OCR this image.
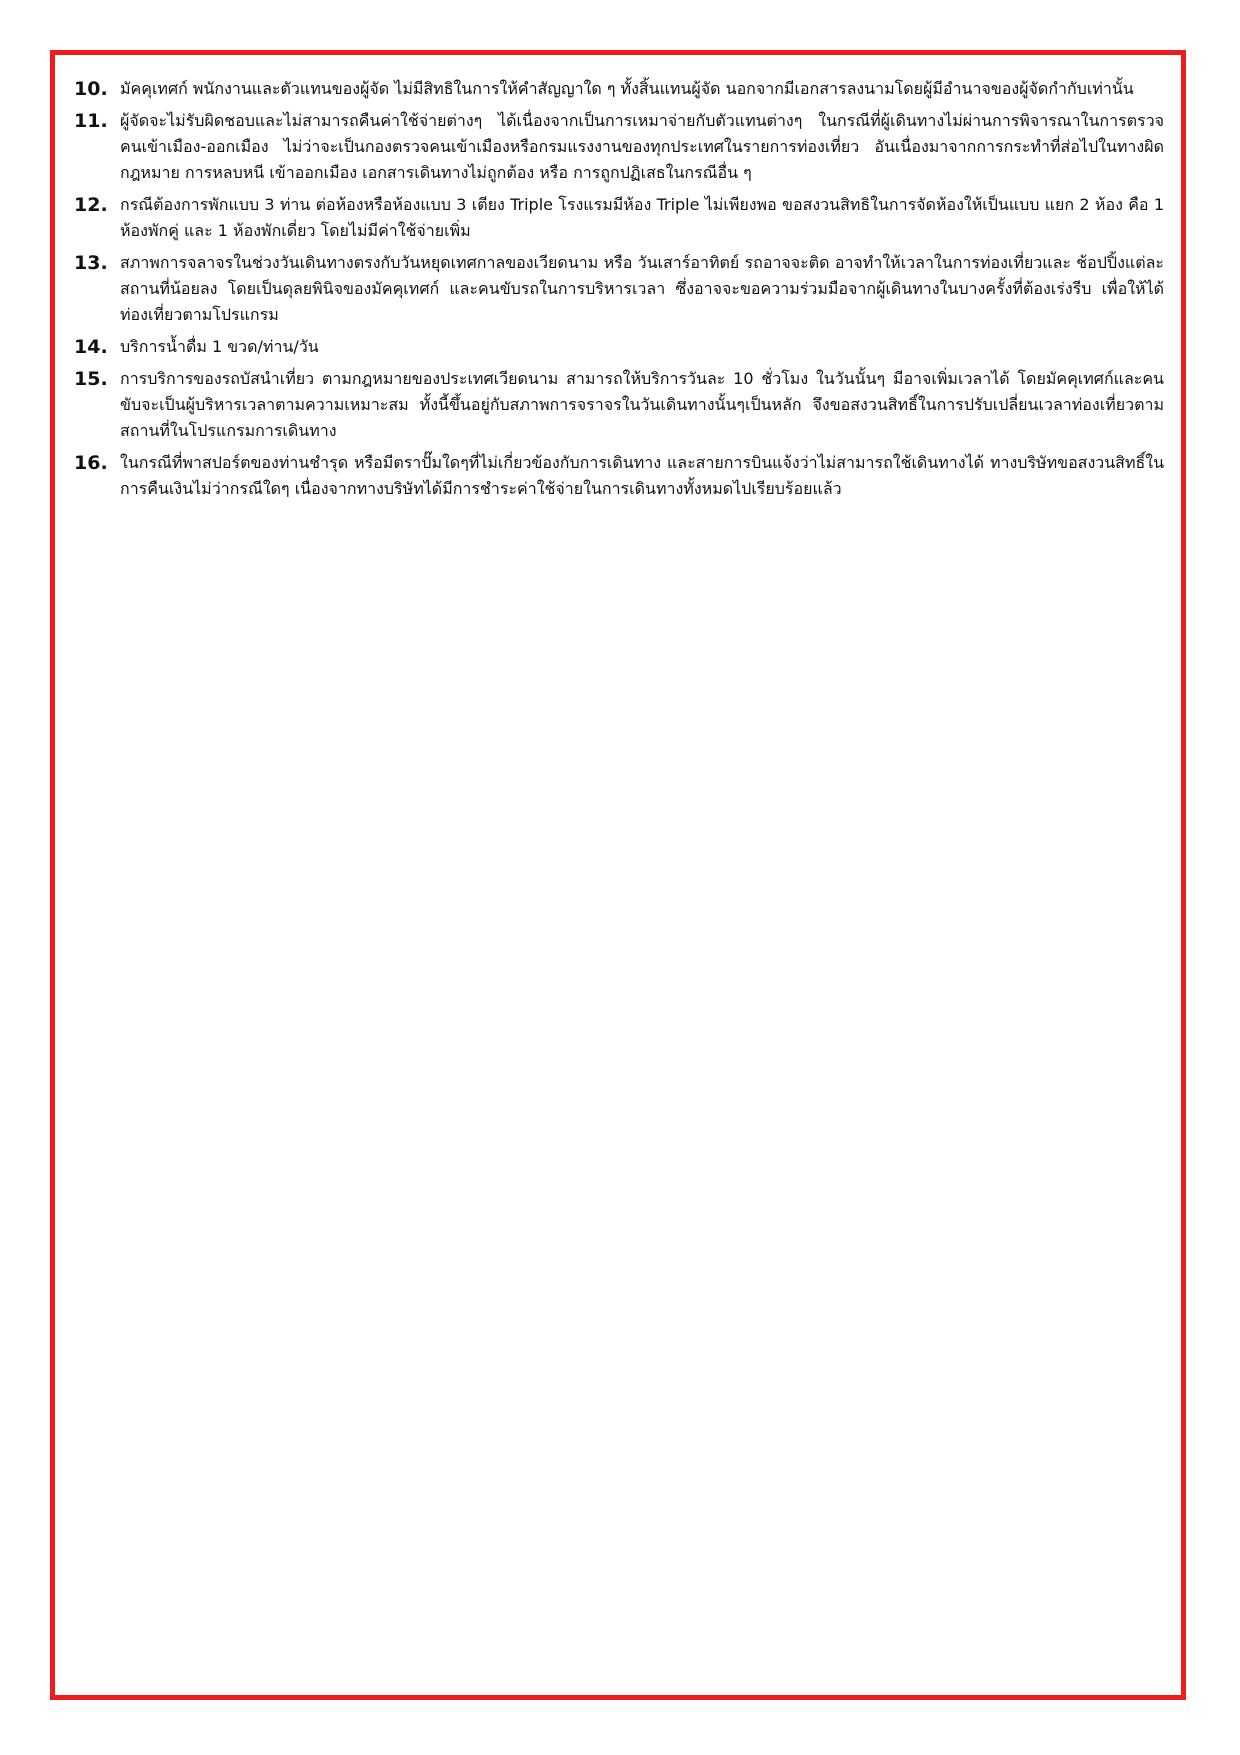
10. มัคคุเทศก์ พนักงานและตัวแทนของผู้จัด ไม่มีสิทธิในการให้คำสัญญาใด ๆ ทั้งสิ้นแทนผู้จัด นอกจากมีเอกสารลงนามโดยผู้มีอำนาจของผู้จัดกำกับเท่านั้น
11. ผู้จัดจะไม่รับผิดชอบและไม่สามารถคืนค่าใช้จ่ายต่างๆ ได้เนื่องจากเป็นการเหมาจ่ายกับตัวแทนต่างๆ ในกรณีที่ผู้เดินทางไม่ผ่านการพิจารณาในการตรวจคนเข้าเมือง-ออกเมือง ไม่ว่าจะเป็นกองตรวจคนเข้าเมืองหรือกรมแรงงานของทุกประเทศในรายการท่องเที่ยว อันเนื่องมาจากการกระทำที่ส่อไปในทางผิดกฎหมาย การหลบหนี เข้าออกเมือง เอกสารเดินทางไม่ถูกต้อง หรือ การถูกปฏิเสธในกรณีอื่น ๆ
12. กรณีต้องการพักแบบ 3 ท่าน ต่อห้องหรือห้องแบบ 3 เตียง Triple โรงแรมมีห้อง Triple ไม่เพียงพอ ขอสงวนสิทธิในการจัดห้องให้เป็นแบบ แยก 2 ห้อง คือ 1 ห้องพักคู่ และ 1 ห้องพักเดี่ยว โดยไม่มีค่าใช้จ่ายเพิ่ม
13. สภาพการจลาจรในช่วงวันเดินทางตรงกับวันหยุดเทศกาลของเวียดนาม หรือ วันเสาร์อาทิตย์ รถอาจจะติด อาจทำให้เวลาในการท่องเที่ยวและ ช้อปปิ้งแต่ละสถานที่น้อยลง โดยเป็นดุลยพินิจของมัคคุเทศก์ และคนขับรถในการบริหารเวลา ซึ่งอาจจะขอความร่วมมือจากผู้เดินทางในบางครั้งที่ต้องเร่งรีบ เพื่อให้ได้ท่องเที่ยวตามโปรแกรม
14. บริการน้ำดื่ม 1 ขวด/ท่าน/วัน
15. การบริการของรถบัสนำเที่ยว ตามกฎหมายของประเทศเวียดนาม สามารถให้บริการวันละ 10 ชั่วโมง ในวันนั้นๆ มีอาจเพิ่มเวลาได้ โดยมัคคุเทศก์และคนขับจะเป็นผู้บริหารเวลาตามความเหมาะสม ทั้งนี้ขึ้นอยู่กับสภาพการจราจรในวันเดินทางนั้นๆเป็นหลัก จึงขอสงวนสิทธิ์ในการปรับเปลี่ยนเวลาท่องเที่ยวตามสถานที่ในโปรแกรมการเดินทาง
16. ในกรณีที่พาสปอร์ตของท่านชำรุด หรือมีตราปั๊มใดๆที่ไม่เกี่ยวข้องกับการเดินทาง และสายการบินแจ้งว่าไม่สามารถใช้เดินทางได้ ทางบริษัทขอสงวนสิทธิ์ในการคืนเงินไม่ว่ากรณีใดๆ เนื่องจากทางบริษัทได้มีการชำระค่าใช้จ่ายในการเดินทางทั้งหมดไปเรียบร้อยแล้ว
